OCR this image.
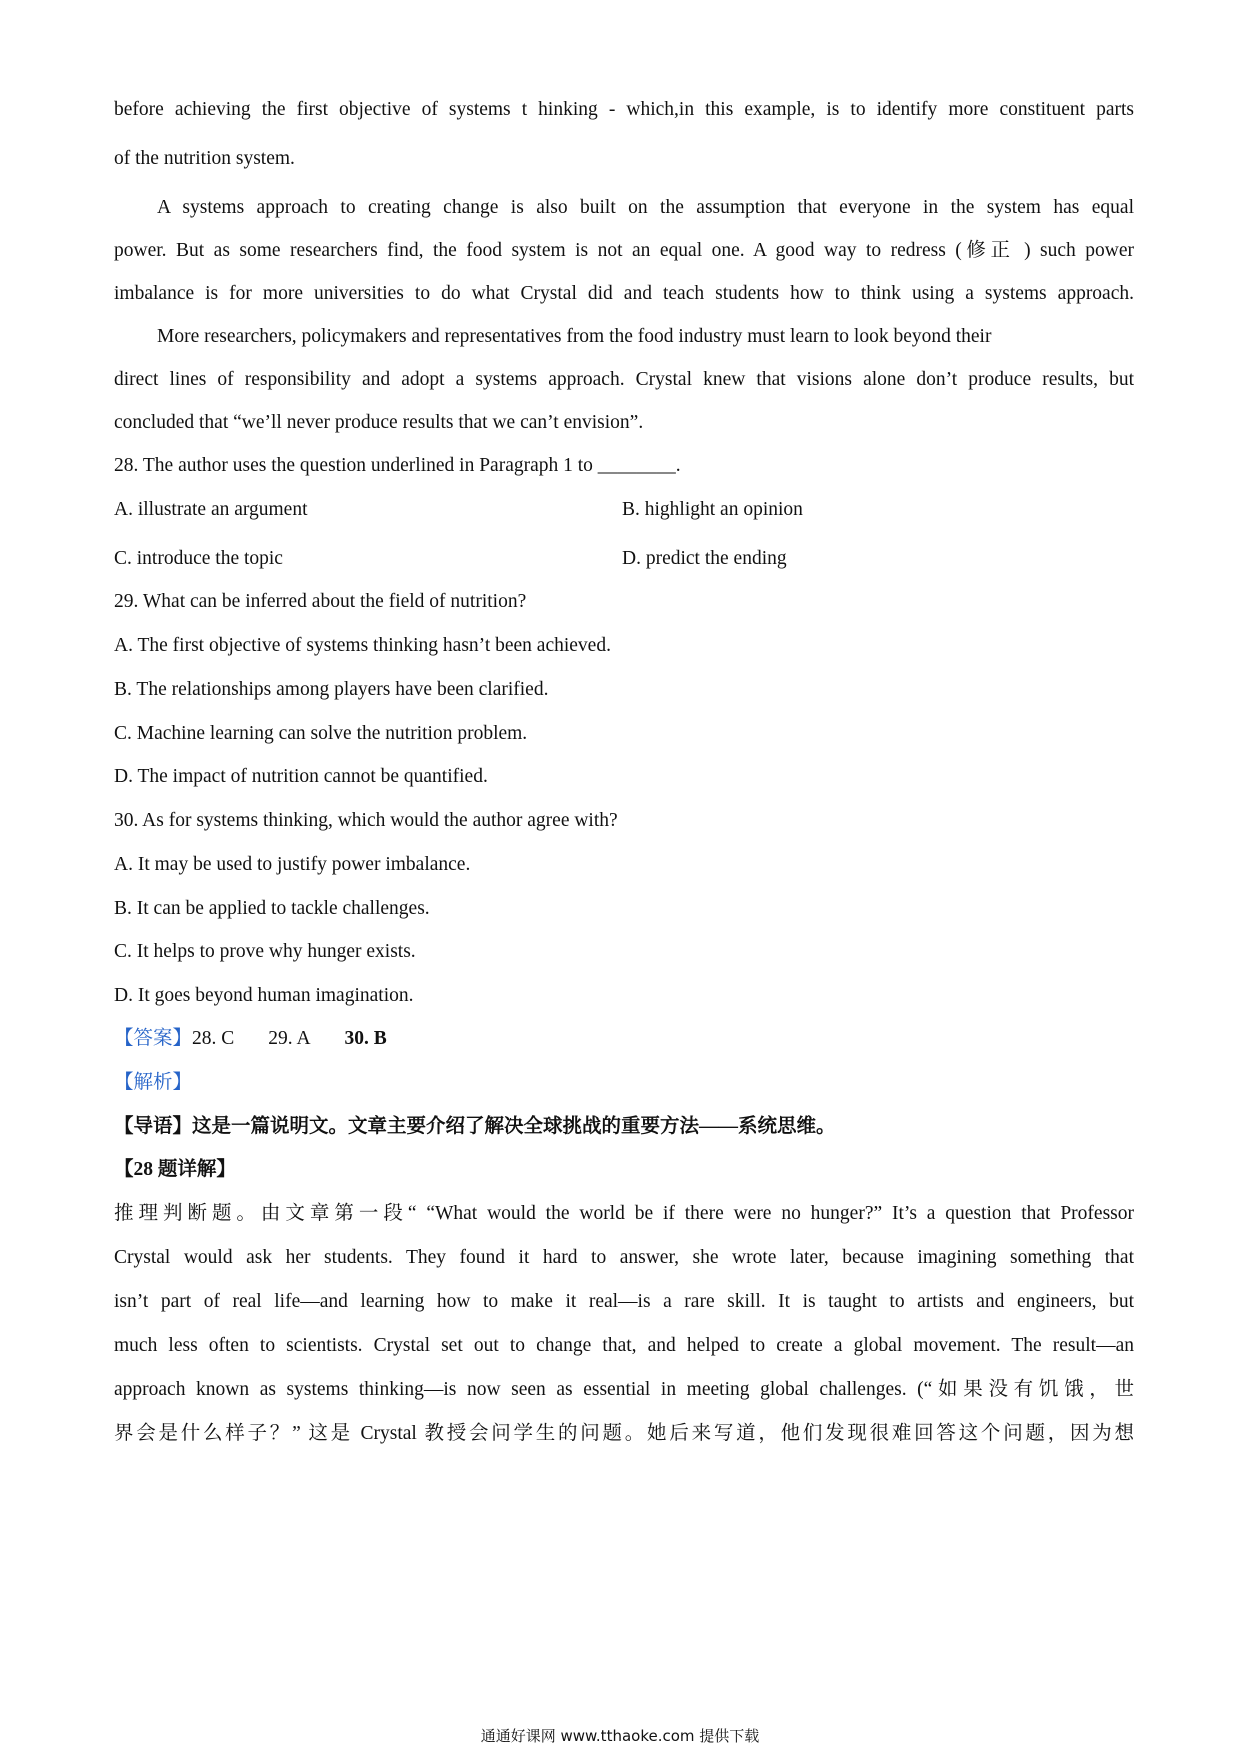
before achieving the first objective of systems t hinking - which,in this example, is to identify more constituent parts

of the nutrition system.

A systems approach to creating change is also built on the assumption that everyone in the system has equal

power. But as some researchers find, the food system is not an equal one. A good way to redress (修正 ) such power

imbalance is for more universities to do what Crystal did and teach students how to think using a systems approach.

More researchers, policymakers and representatives from the food industry must learn to look beyond their

direct lines of responsibility and adopt a systems approach. Crystal knew that visions alone don’t produce results, but

concluded that “we’ll never produce results that we can’t envision”.

28. The author uses the question underlined in Paragraph 1 to ________.

A. illustrate an argument	B. highlight an opinion

C. introduce the topic	D. predict the ending

29. What can be inferred about the field of nutrition?

A. The first objective of systems thinking hasn’t been achieved.

B. The relationships among players have been clarified.

C. Machine learning can solve the nutrition problem.

D. The impact of nutrition cannot be quantified.

30. As for systems thinking, which would the author agree with?

A. It may be used to justify power imbalance.

B. It can be applied to tackle challenges.

C. It helps to prove why hunger exists.

D. It goes beyond human imagination.

【答案】28. C 29. A 30. B

【解析】

【导语】这是一篇说明文。文章主要介绍了解决全球挑战的重要方法——系统思维。

【28 题详解】

推理判断题。由文章第一段“ “What would the world be if there were no hunger?” It’s a question that Professor

Crystal would ask her students. They found it hard to answer, she wrote later, because imagining something that

isn’t part of real life—and learning how to make it real—is a rare skill. It is taught to artists and engineers, but

much less often to scientists. Crystal set out to change that, and helped to create a global movement. The result—an

approach known as systems thinking—is now seen as essential in meeting global challenges. (“如果没有饥饿，世

界会是什么样子？” 这是 Crystal 教授会问学生的问题。她后来写道，他们发现很难回答这个问题，因为想

通通好课网 www.tthaoke.com 提供下载
